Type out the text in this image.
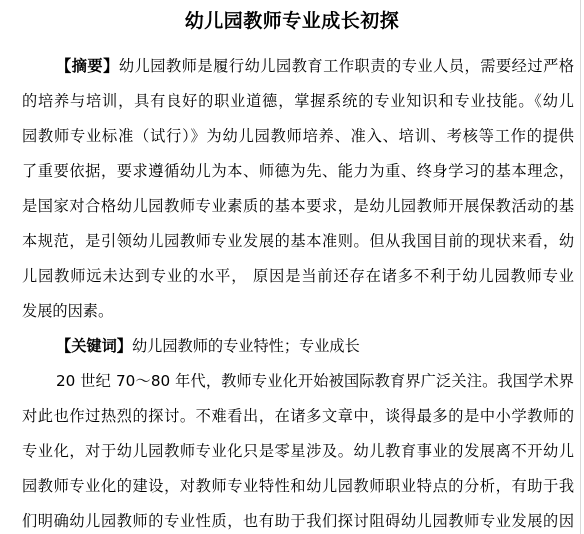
幼儿园教师专业成长初探
【摘要】幼儿园教师是履行幼儿园教育工作职责的专业人员，需要经过严格
的培养与培训，具有良好的职业道德，掌握系统的专业知识和专业技能。《幼儿
园教师专业标准（试行）》为幼儿园教师培养、准入、培训、考核等工作的提供
了重要依据，要求遵循幼儿为本、师德为先、能力为重、终身学习的基本理念，
是国家对合格幼儿园教师专业素质的基本要求，是幼儿园教师开展保教活动的基
本规范，是引领幼儿园教师专业发展的基本准则。但从我国目前的现状来看，幼
儿园教师远未达到专业的水平， 原因是当前还存在诸多不利于幼儿园教师专业
发展的因素。
【关键词】幼儿园教师的专业特性；专业成长
20 世纪 70～80 年代，教师专业化开始被国际教育界广泛关注。我国学术界
对此也作过热烈的探讨。不难看出，在诸多文章中，谈得最多的是中小学教师的
专业化，对于幼儿园教师专业化只是零星涉及。幼儿教育事业的发展离不开幼儿
园教师专业化的建设，对教师专业特性和幼儿园教师职业特点的分析，有助于我
们明确幼儿园教师的专业性质，也有助于我们探讨阻碍幼儿园教师专业发展的因
